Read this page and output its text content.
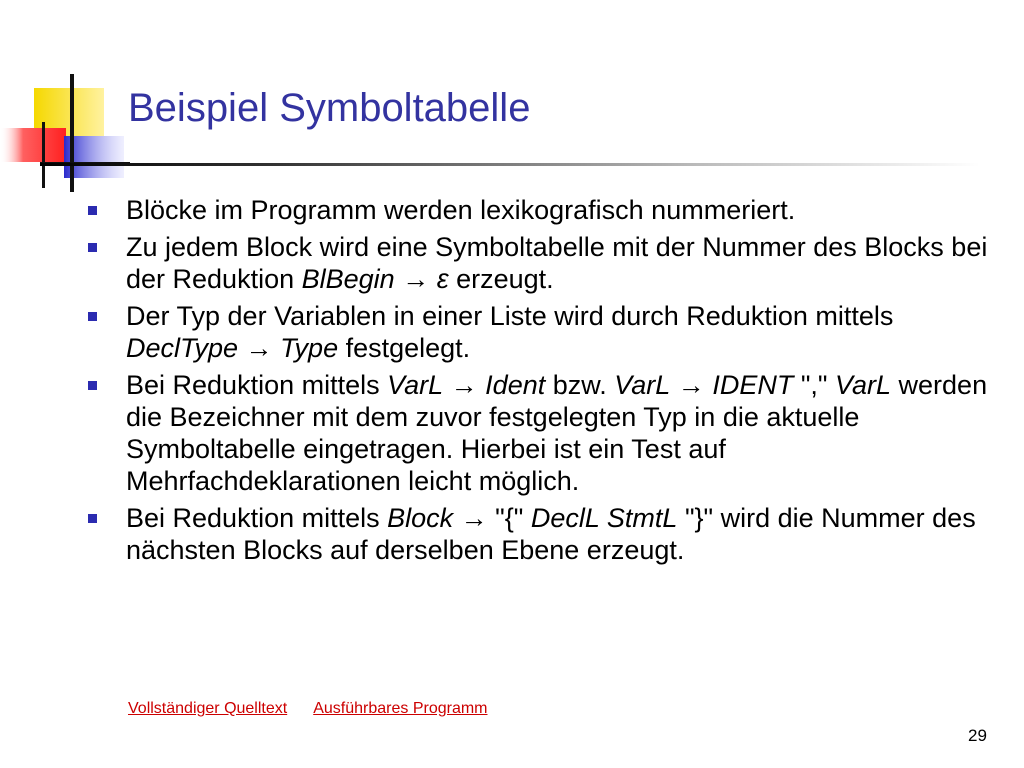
Beispiel Symboltabelle
Blöcke im Programm werden lexikografisch nummeriert.
Zu jedem Block wird eine Symboltabelle mit der Nummer des Blocks bei der Reduktion BlBegin → ε erzeugt.
Der Typ der Variablen in einer Liste wird durch Reduktion mittels DeclType → Type festgelegt.
Bei Reduktion mittels VarL → Ident bzw. VarL → IDENT "," VarL werden die Bezeichner mit dem zuvor festgelegten Typ in die aktuelle Symboltabelle eingetragen. Hierbei ist ein Test auf Mehrfachdeklarationen leicht möglich.
Bei Reduktion mittels Block → "{" DeclL StmtL "}" wird die Nummer des nächsten Blocks auf derselben Ebene erzeugt.
Vollständiger Quelltext Ausführbares Programm
29
